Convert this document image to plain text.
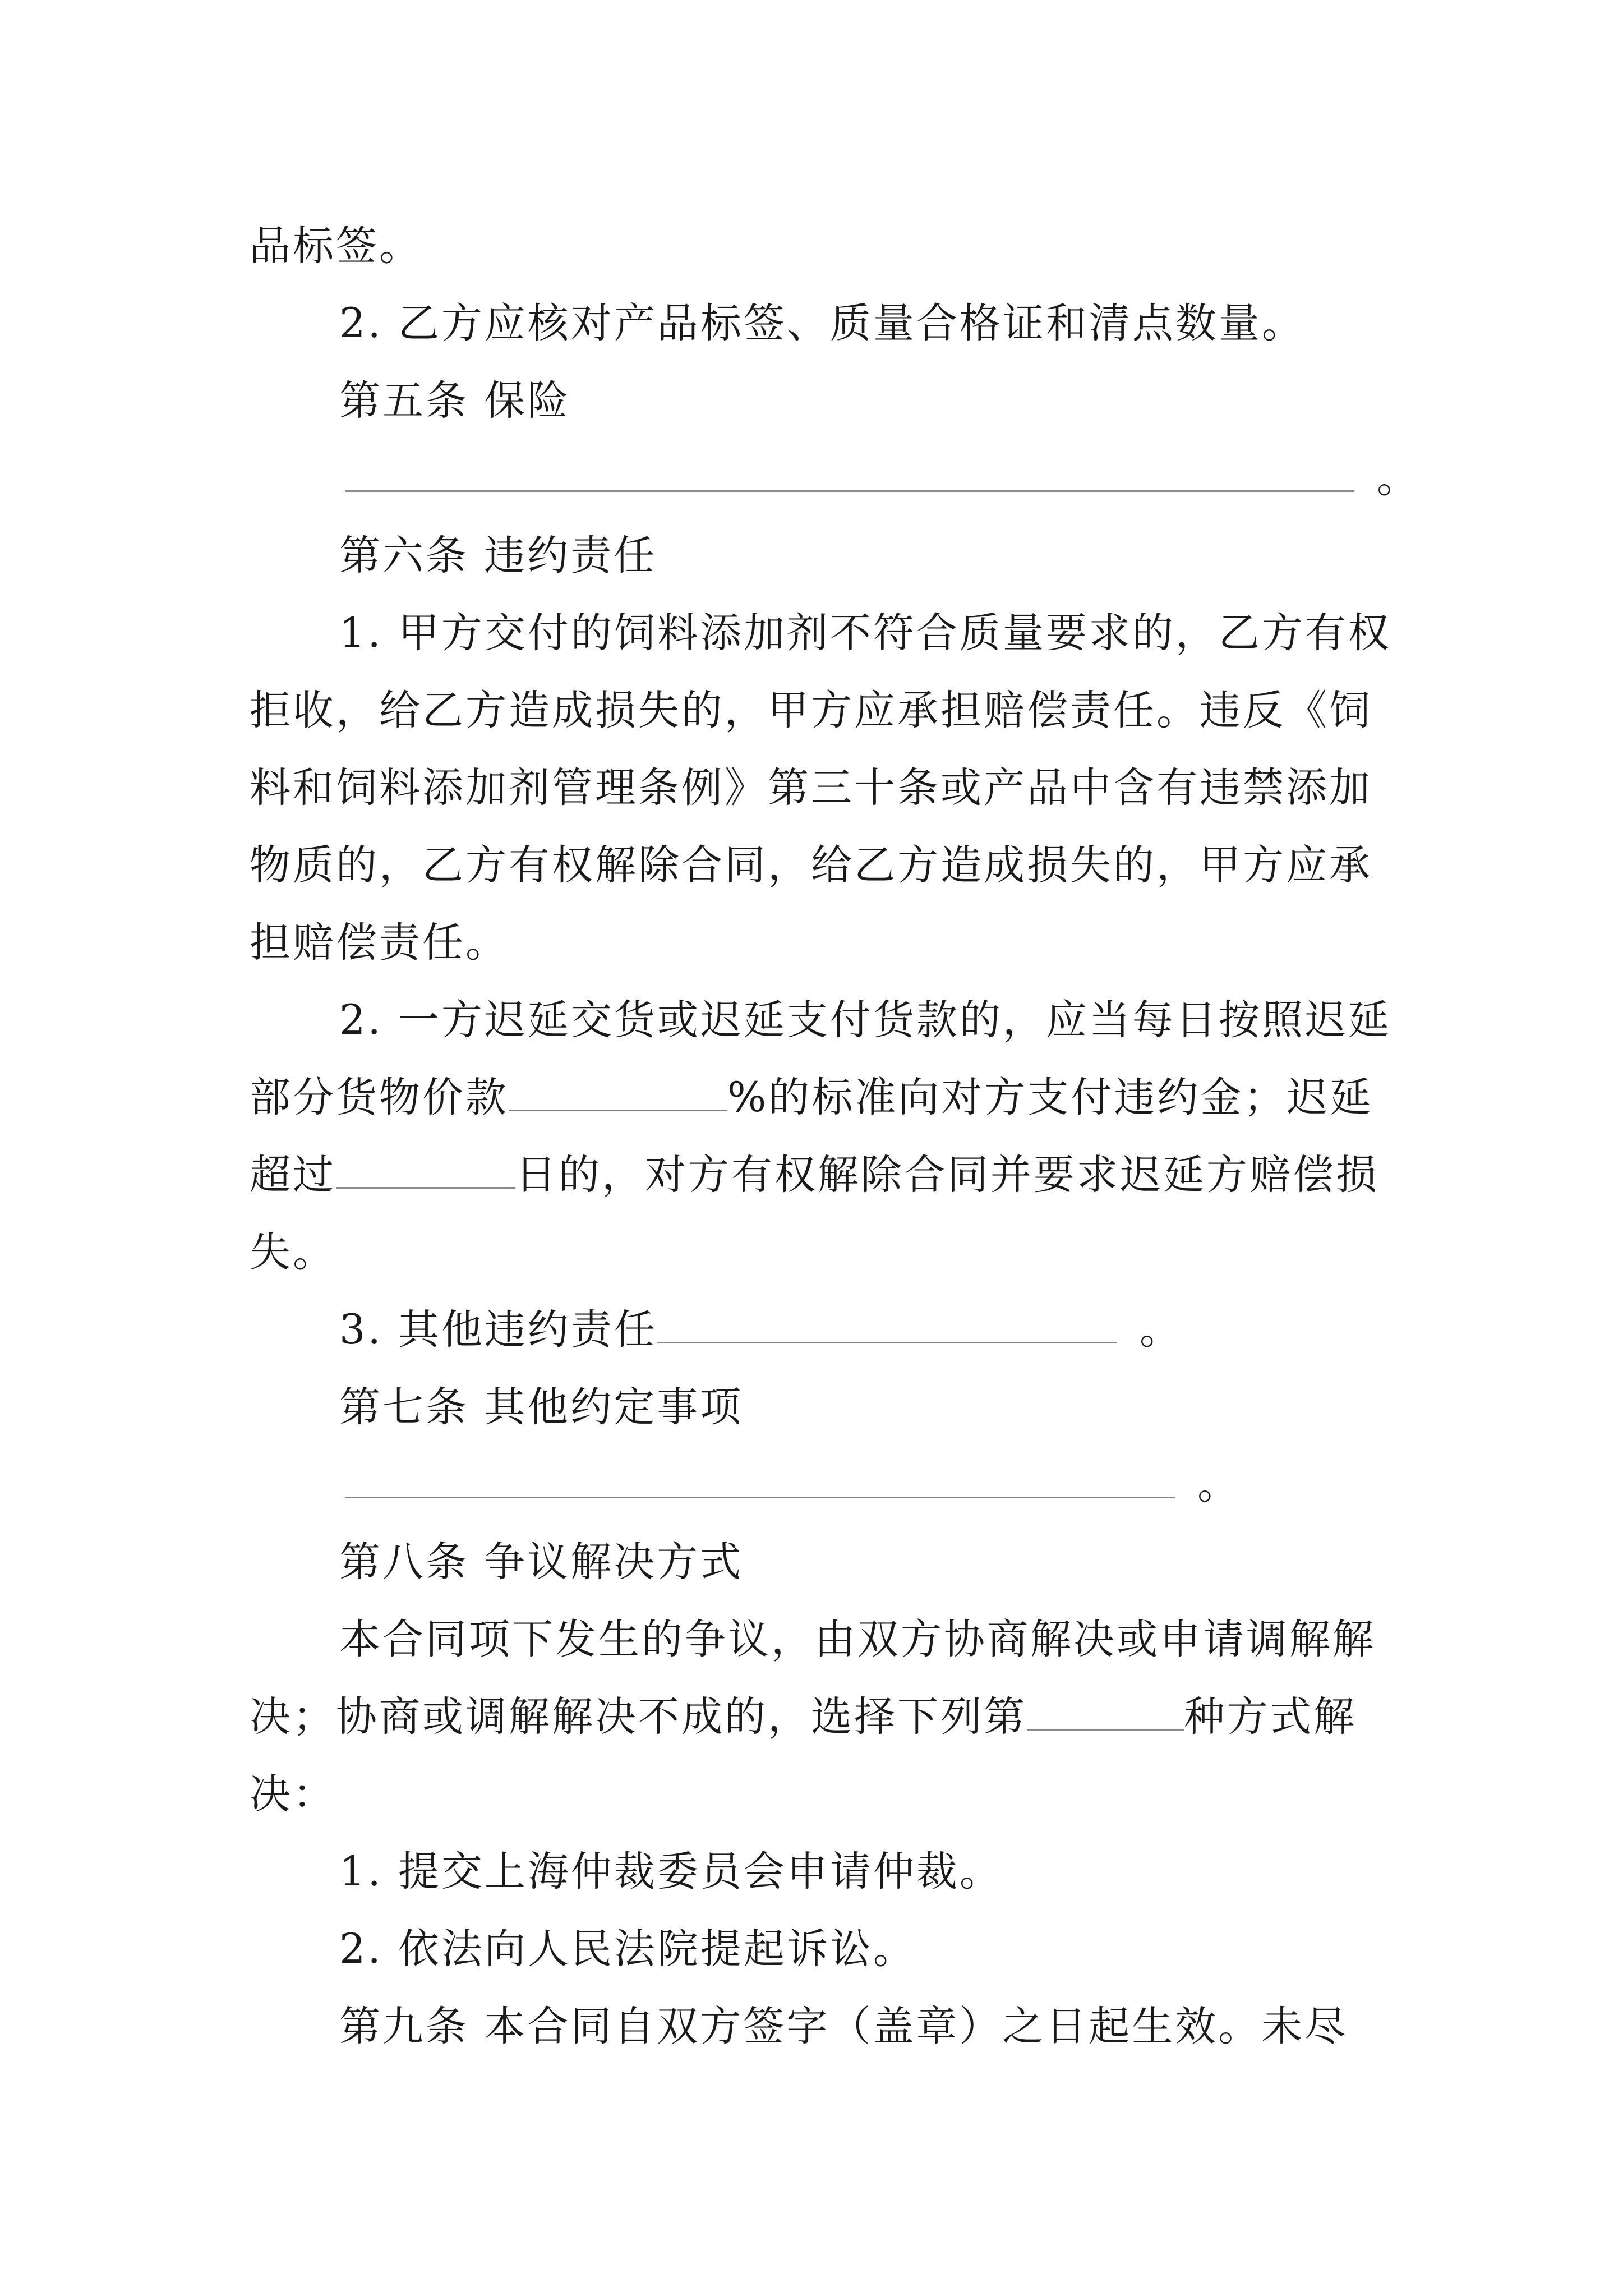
品标签。
2. 乙方应核对产品标签、质量合格证和清点数量。
第五条 保险
。
第六条 违约责任
1. 甲方交付的饲料添加剂不符合质量要求的，乙方有权
拒收，给乙方造成损失的，甲方应承担赔偿责任。违反《饲
料和饲料添加剂管理条例》第三十条或产品中含有违禁添加
物质的，乙方有权解除合同，给乙方造成损失的，甲方应承
担赔偿责任。
2. 一方迟延交货或迟延支付货款的，应当每日按照迟延
部分货物价款	%的标准向对方支付违约金；迟延
超过	日的，对方有权解除合同并要求迟延方赔偿损
失。
3. 其他违约责任	。
第七条 其他约定事项
。
第八条 争议解决方式
本合同项下发生的争议，由双方协商解决或申请调解解
决；协商或调解解决不成的，选择下列第	种方式解
决：
1. 提交上海仲裁委员会申请仲裁。
2. 依法向人民法院提起诉讼。
第九条 本合同自双方签字（盖章）之日起生效。未尽
